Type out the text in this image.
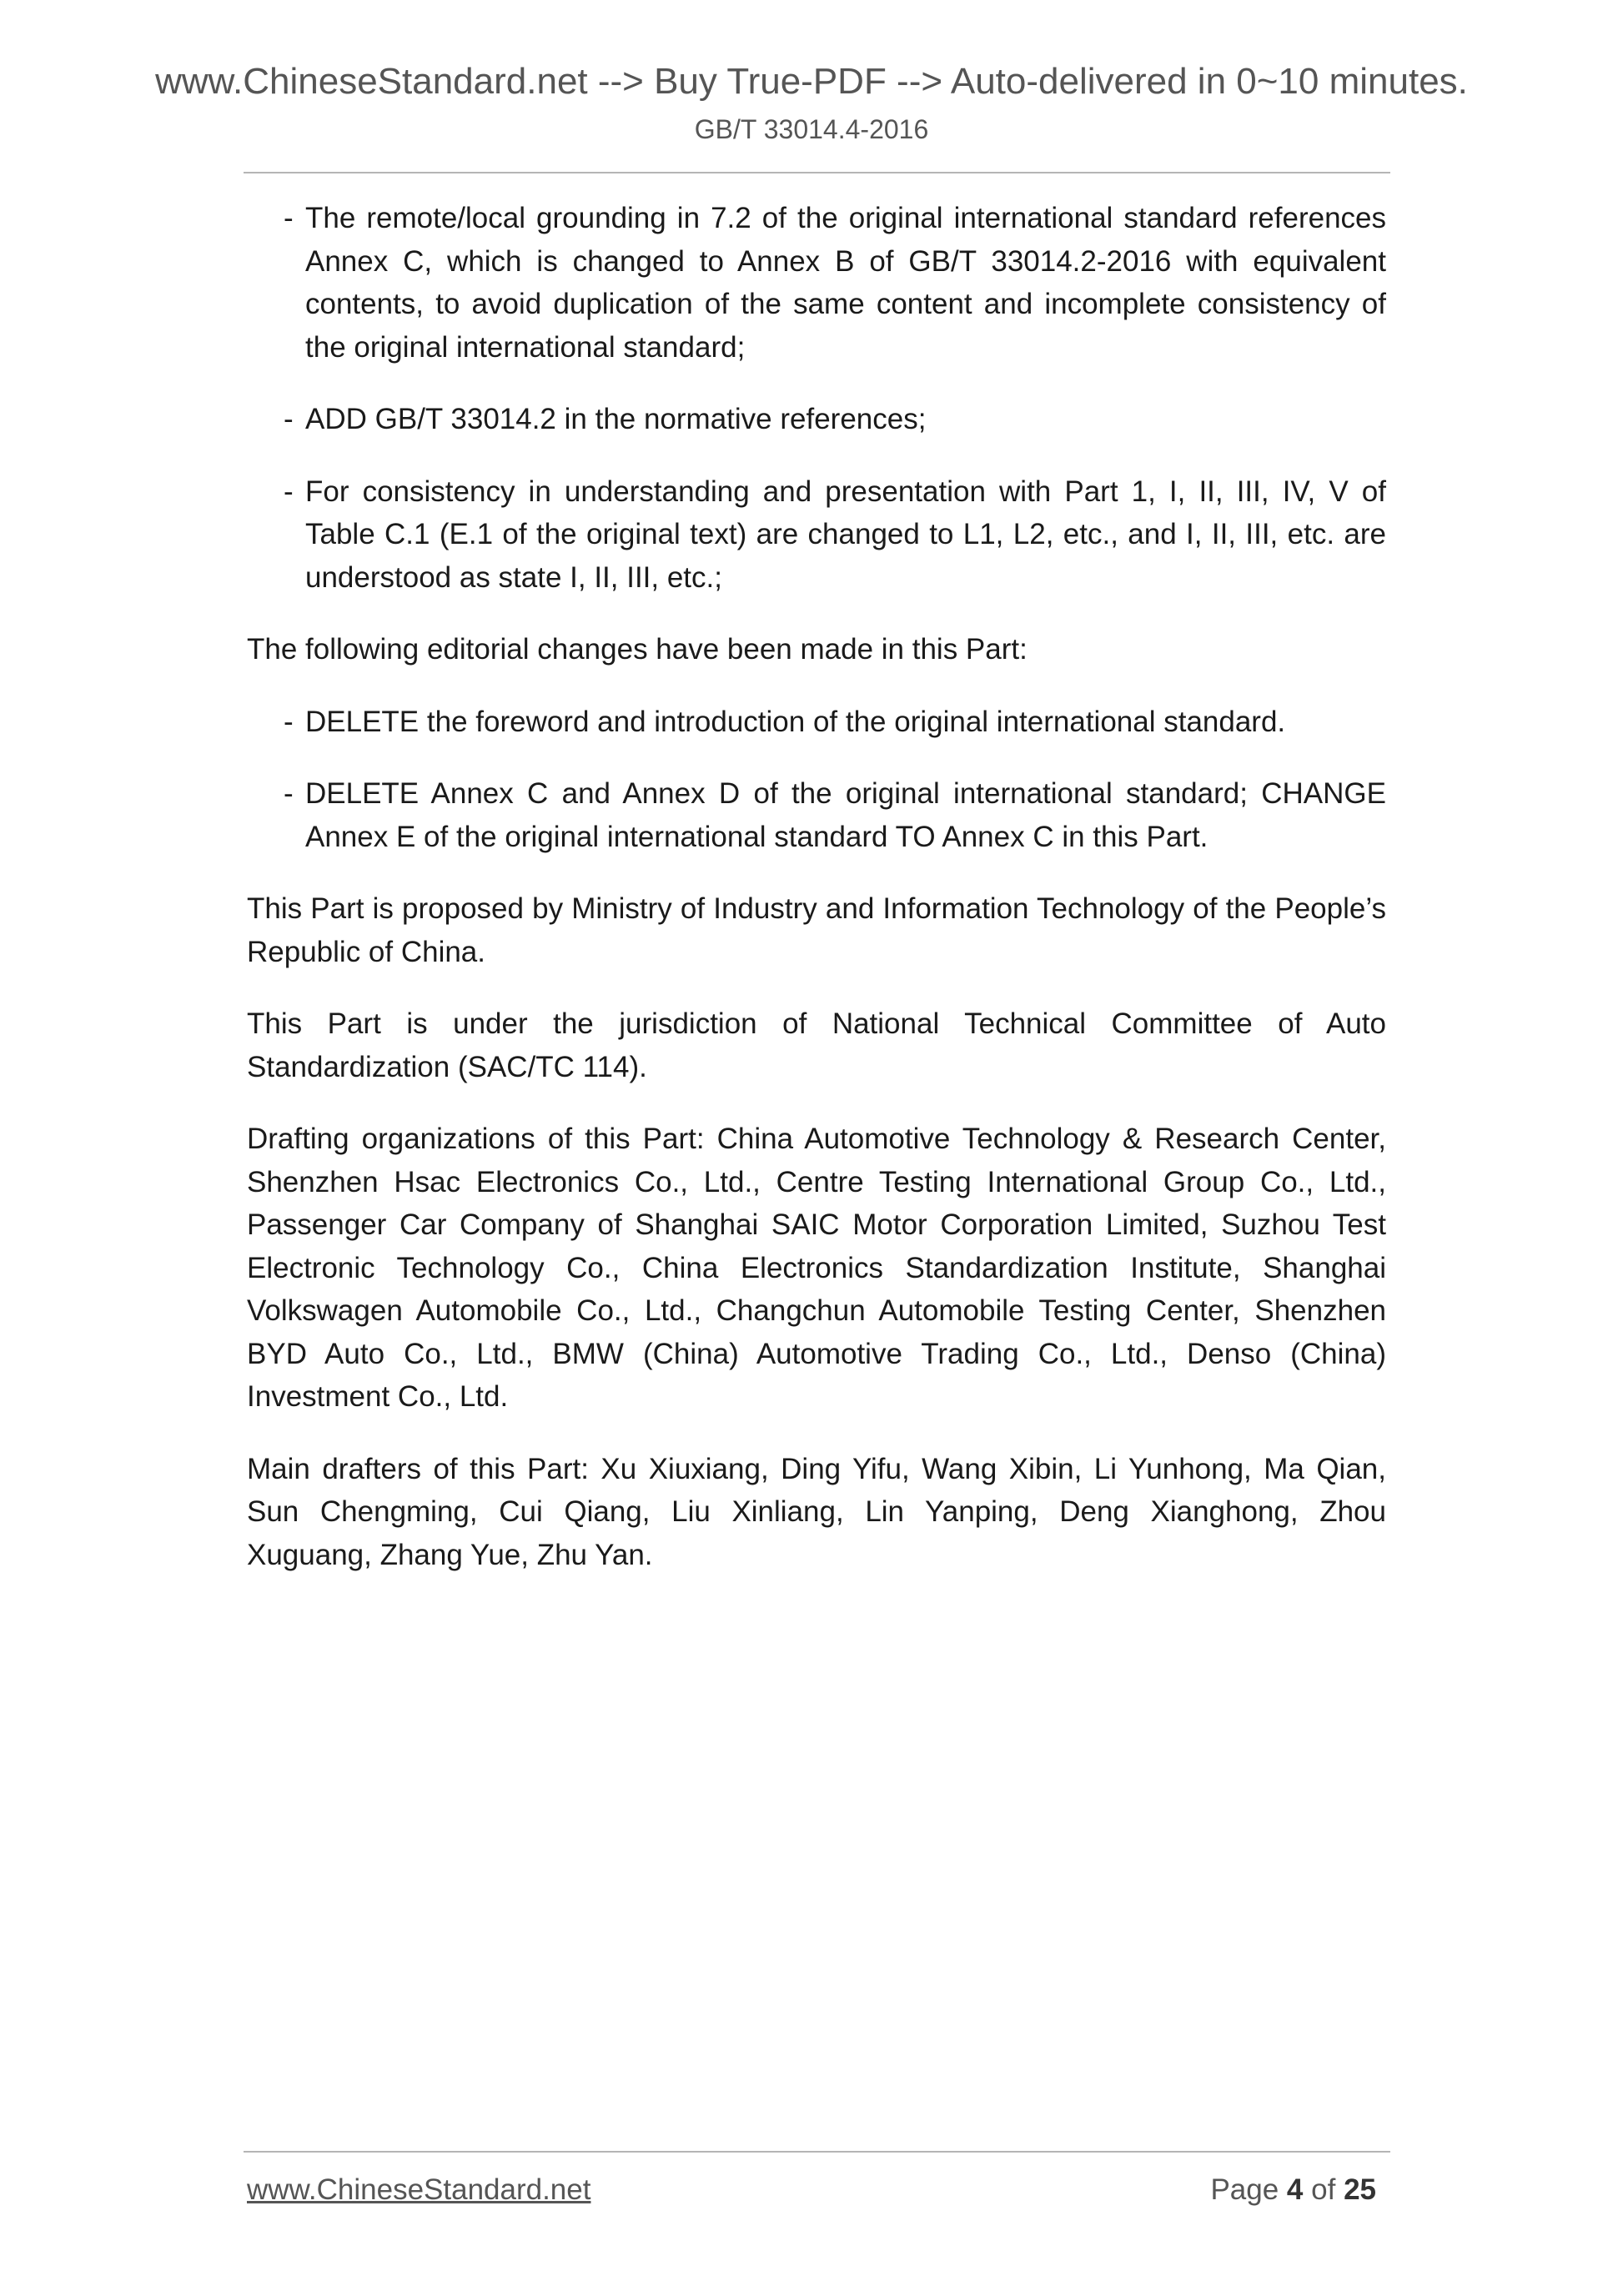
www.ChineseStandard.net --> Buy True-PDF --> Auto-delivered in 0~10 minutes.
GB/T 33014.4-2016
- The remote/local grounding in 7.2 of the original international standard references Annex C, which is changed to Annex B of GB/T 33014.2-2016 with equivalent contents, to avoid duplication of the same content and incomplete consistency of the original international standard;
- ADD GB/T 33014.2 in the normative references;
- For consistency in understanding and presentation with Part 1, I, II, III, IV, V of Table C.1 (E.1 of the original text) are changed to L1, L2, etc., and I, II, III, etc. are understood as state I, II, III, etc.;

The following editorial changes have been made in this Part:

- DELETE the foreword and introduction of the original international standard.
- DELETE Annex C and Annex D of the original international standard; CHANGE Annex E of the original international standard TO Annex C in this Part.

This Part is proposed by Ministry of Industry and Information Technology of the People’s Republic of China.

This Part is under the jurisdiction of National Technical Committee of Auto Standardization (SAC/TC 114).

Drafting organizations of this Part: China Automotive Technology & Research Center, Shenzhen Hsac Electronics Co., Ltd., Centre Testing International Group Co., Ltd., Passenger Car Company of Shanghai SAIC Motor Corporation Limited, Suzhou Test Electronic Technology Co., China Electronics Standardization Institute, Shanghai Volkswagen Automobile Co., Ltd., Changchun Automobile Testing Center, Shenzhen BYD Auto Co., Ltd., BMW (China) Automotive Trading Co., Ltd., Denso (China) Investment Co., Ltd.

Main drafters of this Part: Xu Xiuxiang, Ding Yifu, Wang Xibin, Li Yunhong, Ma Qian, Sun Chengming, Cui Qiang, Liu Xinliang, Lin Yanping, Deng Xianghong, Zhou Xuguang, Zhang Yue, Zhu Yan.

www.ChineseStandard.net	Page 4 of 25
